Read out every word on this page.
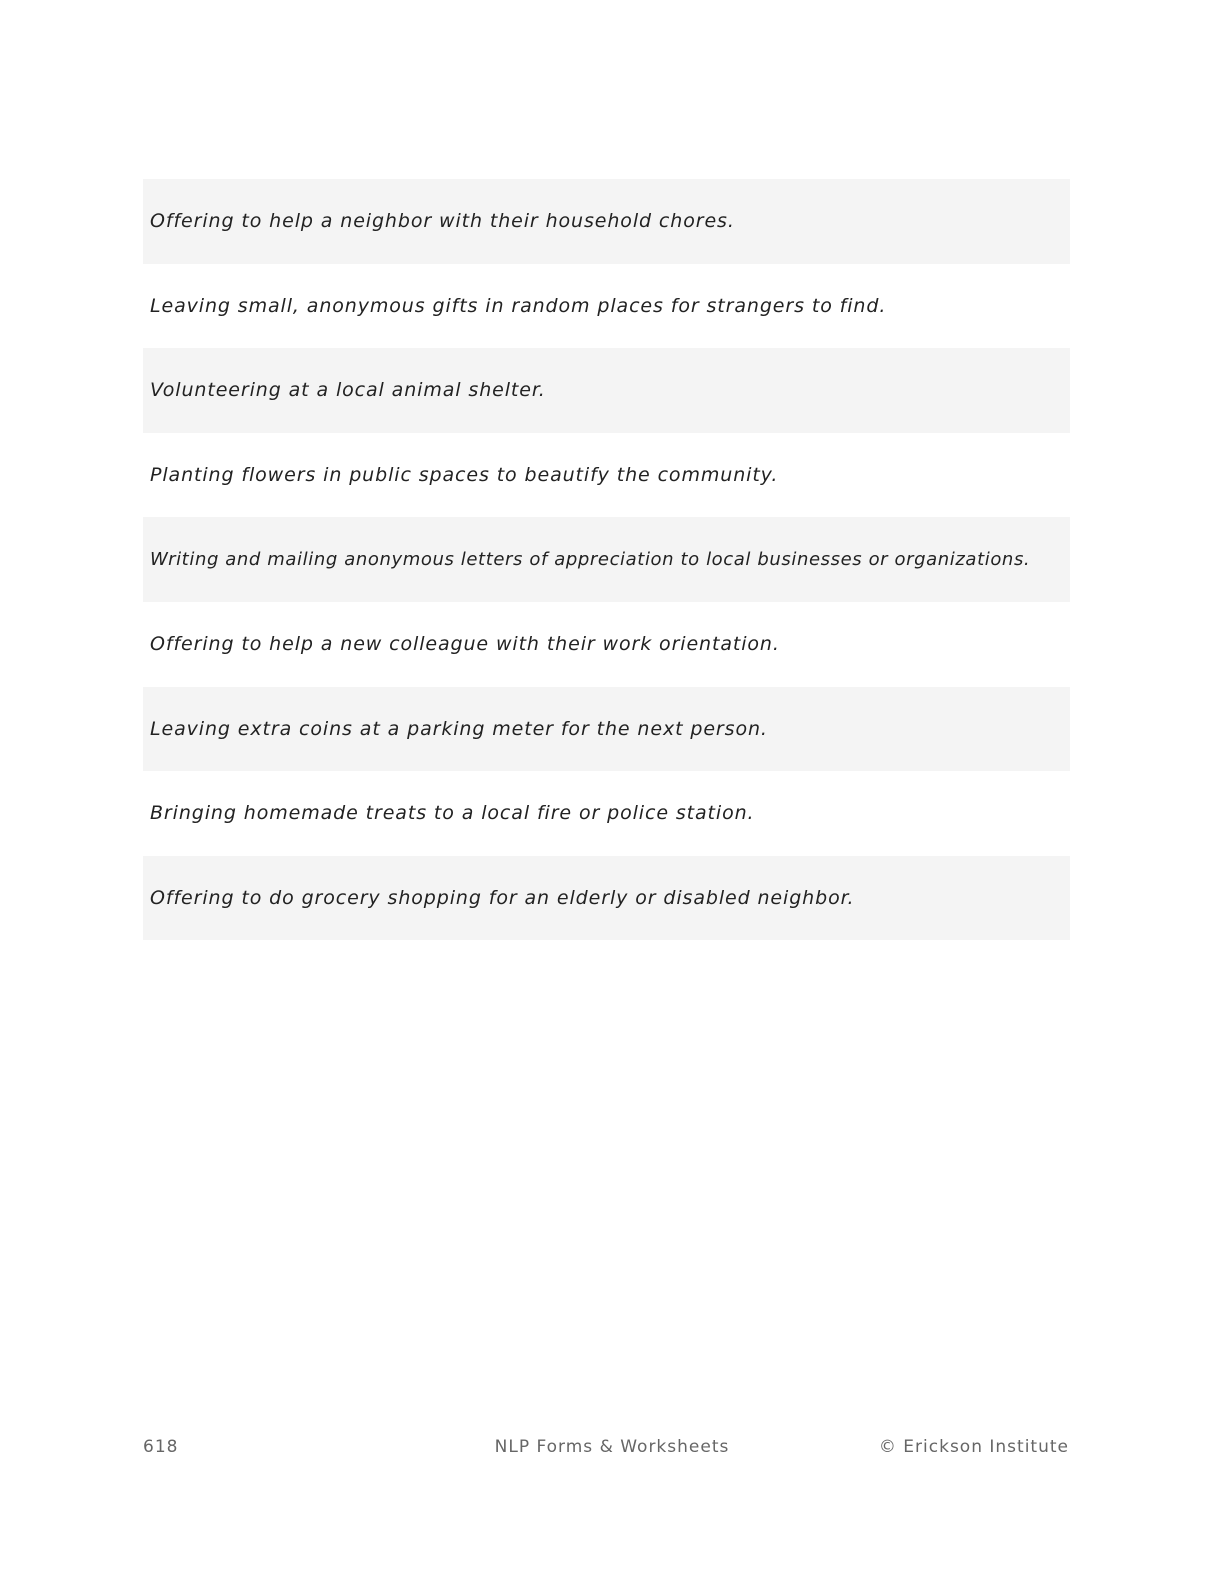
Offering to help a neighbor with their household chores.
Leaving small, anonymous gifts in random places for strangers to find.
Volunteering at a local animal shelter.
Planting flowers in public spaces to beautify the community.
Writing and mailing anonymous letters of appreciation to local businesses or organizations.
Offering to help a new colleague with their work orientation.
Leaving extra coins at a parking meter for the next person.
Bringing homemade treats to a local fire or police station.
Offering to do grocery shopping for an elderly or disabled neighbor.
618	NLP Forms & Worksheets	© Erickson Institute
